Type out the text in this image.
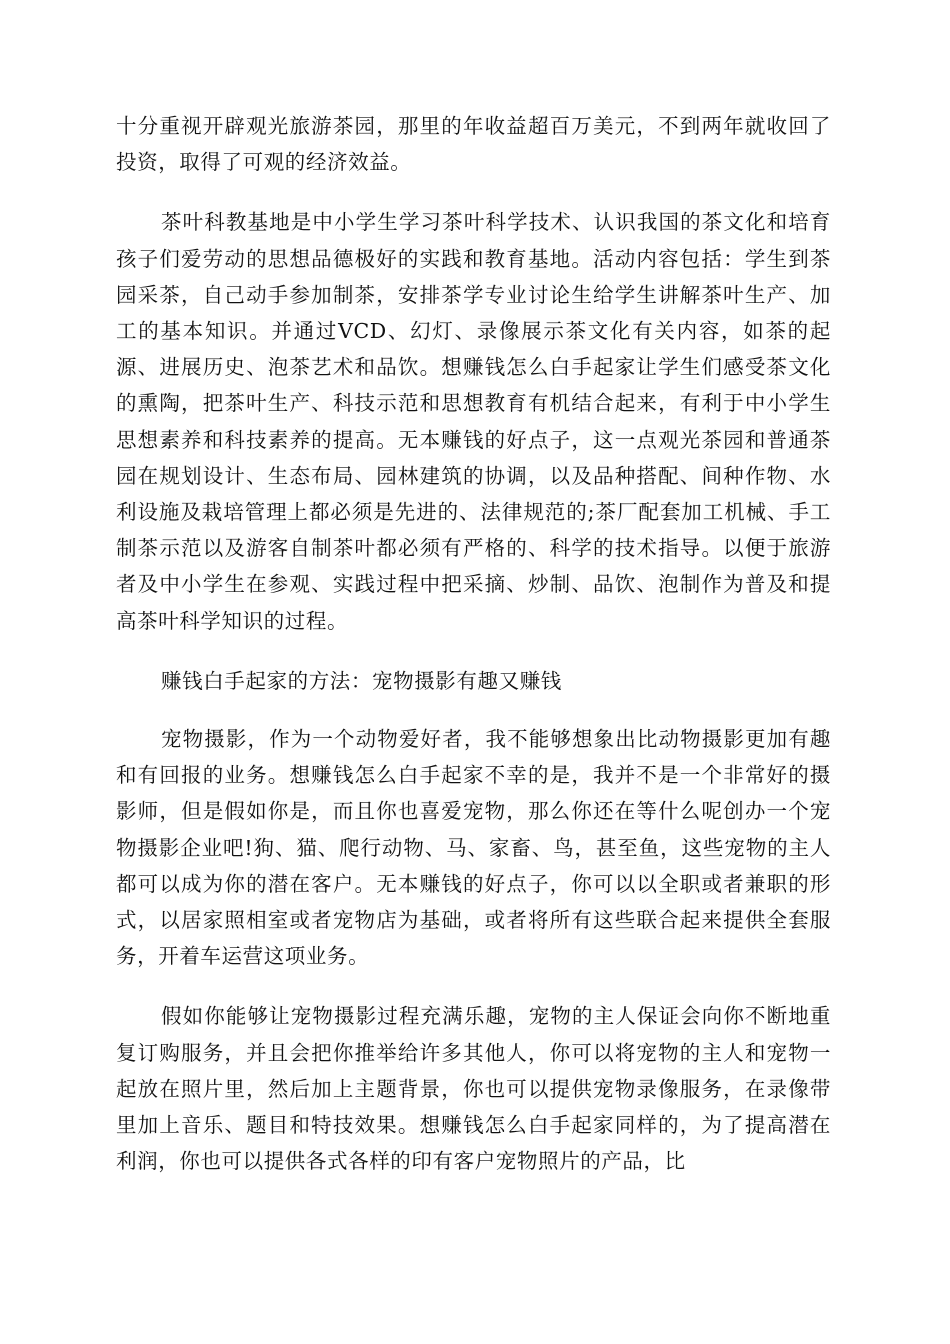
十分重视开辟观光旅游茶园，那里的年收益超百万美元，不到两年就收回了投资，取得了可观的经济效益。

茶叶科教基地是中小学生学习茶叶科学技术、认识我国的茶文化和培育孩子们爱劳动的思想品德极好的实践和教育基地。活动内容包括：学生到茶园采茶，自己动手参加制茶，安排茶学专业讨论生给学生讲解茶叶生产、加工的基本知识。并通过VCD、幻灯、录像展示茶文化有关内容，如茶的起源、进展历史、泡茶艺术和品饮。想赚钱怎么白手起家让学生们感受茶文化的熏陶，把茶叶生产、科技示范和思想教育有机结合起来，有利于中小学生思想素养和科技素养的提高。无本赚钱的好点子，这一点观光茶园和普通茶园在规划设计、生态布局、园林建筑的协调，以及品种搭配、间种作物、水利设施及栽培管理上都必须是先进的、法律规范的;茶厂配套加工机械、手工制茶示范以及游客自制茶叶都必须有严格的、科学的技术指导。以便于旅游者及中小学生在参观、实践过程中把采摘、炒制、品饮、泡制作为普及和提高茶叶科学知识的过程。

赚钱白手起家的方法：宠物摄影有趣又赚钱

宠物摄影，作为一个动物爱好者，我不能够想象出比动物摄影更加有趣和有回报的业务。想赚钱怎么白手起家不幸的是，我并不是一个非常好的摄影师，但是假如你是，而且你也喜爱宠物，那么你还在等什么呢创办一个宠物摄影企业吧!狗、猫、爬行动物、马、家畜、鸟，甚至鱼，这些宠物的主人都可以成为你的潜在客户。无本赚钱的好点子，你可以以全职或者兼职的形式，以居家照相室或者宠物店为基础，或者将所有这些联合起来提供全套服务，开着车运营这项业务。

假如你能够让宠物摄影过程充满乐趣，宠物的主人保证会向你不断地重复订购服务，并且会把你推举给许多其他人，你可以将宠物的主人和宠物一起放在照片里，然后加上主题背景，你也可以提供宠物录像服务，在录像带里加上音乐、题目和特技效果。想赚钱怎么白手起家同样的，为了提高潜在利润，你也可以提供各式各样的印有客户宠物照片的产品，比
